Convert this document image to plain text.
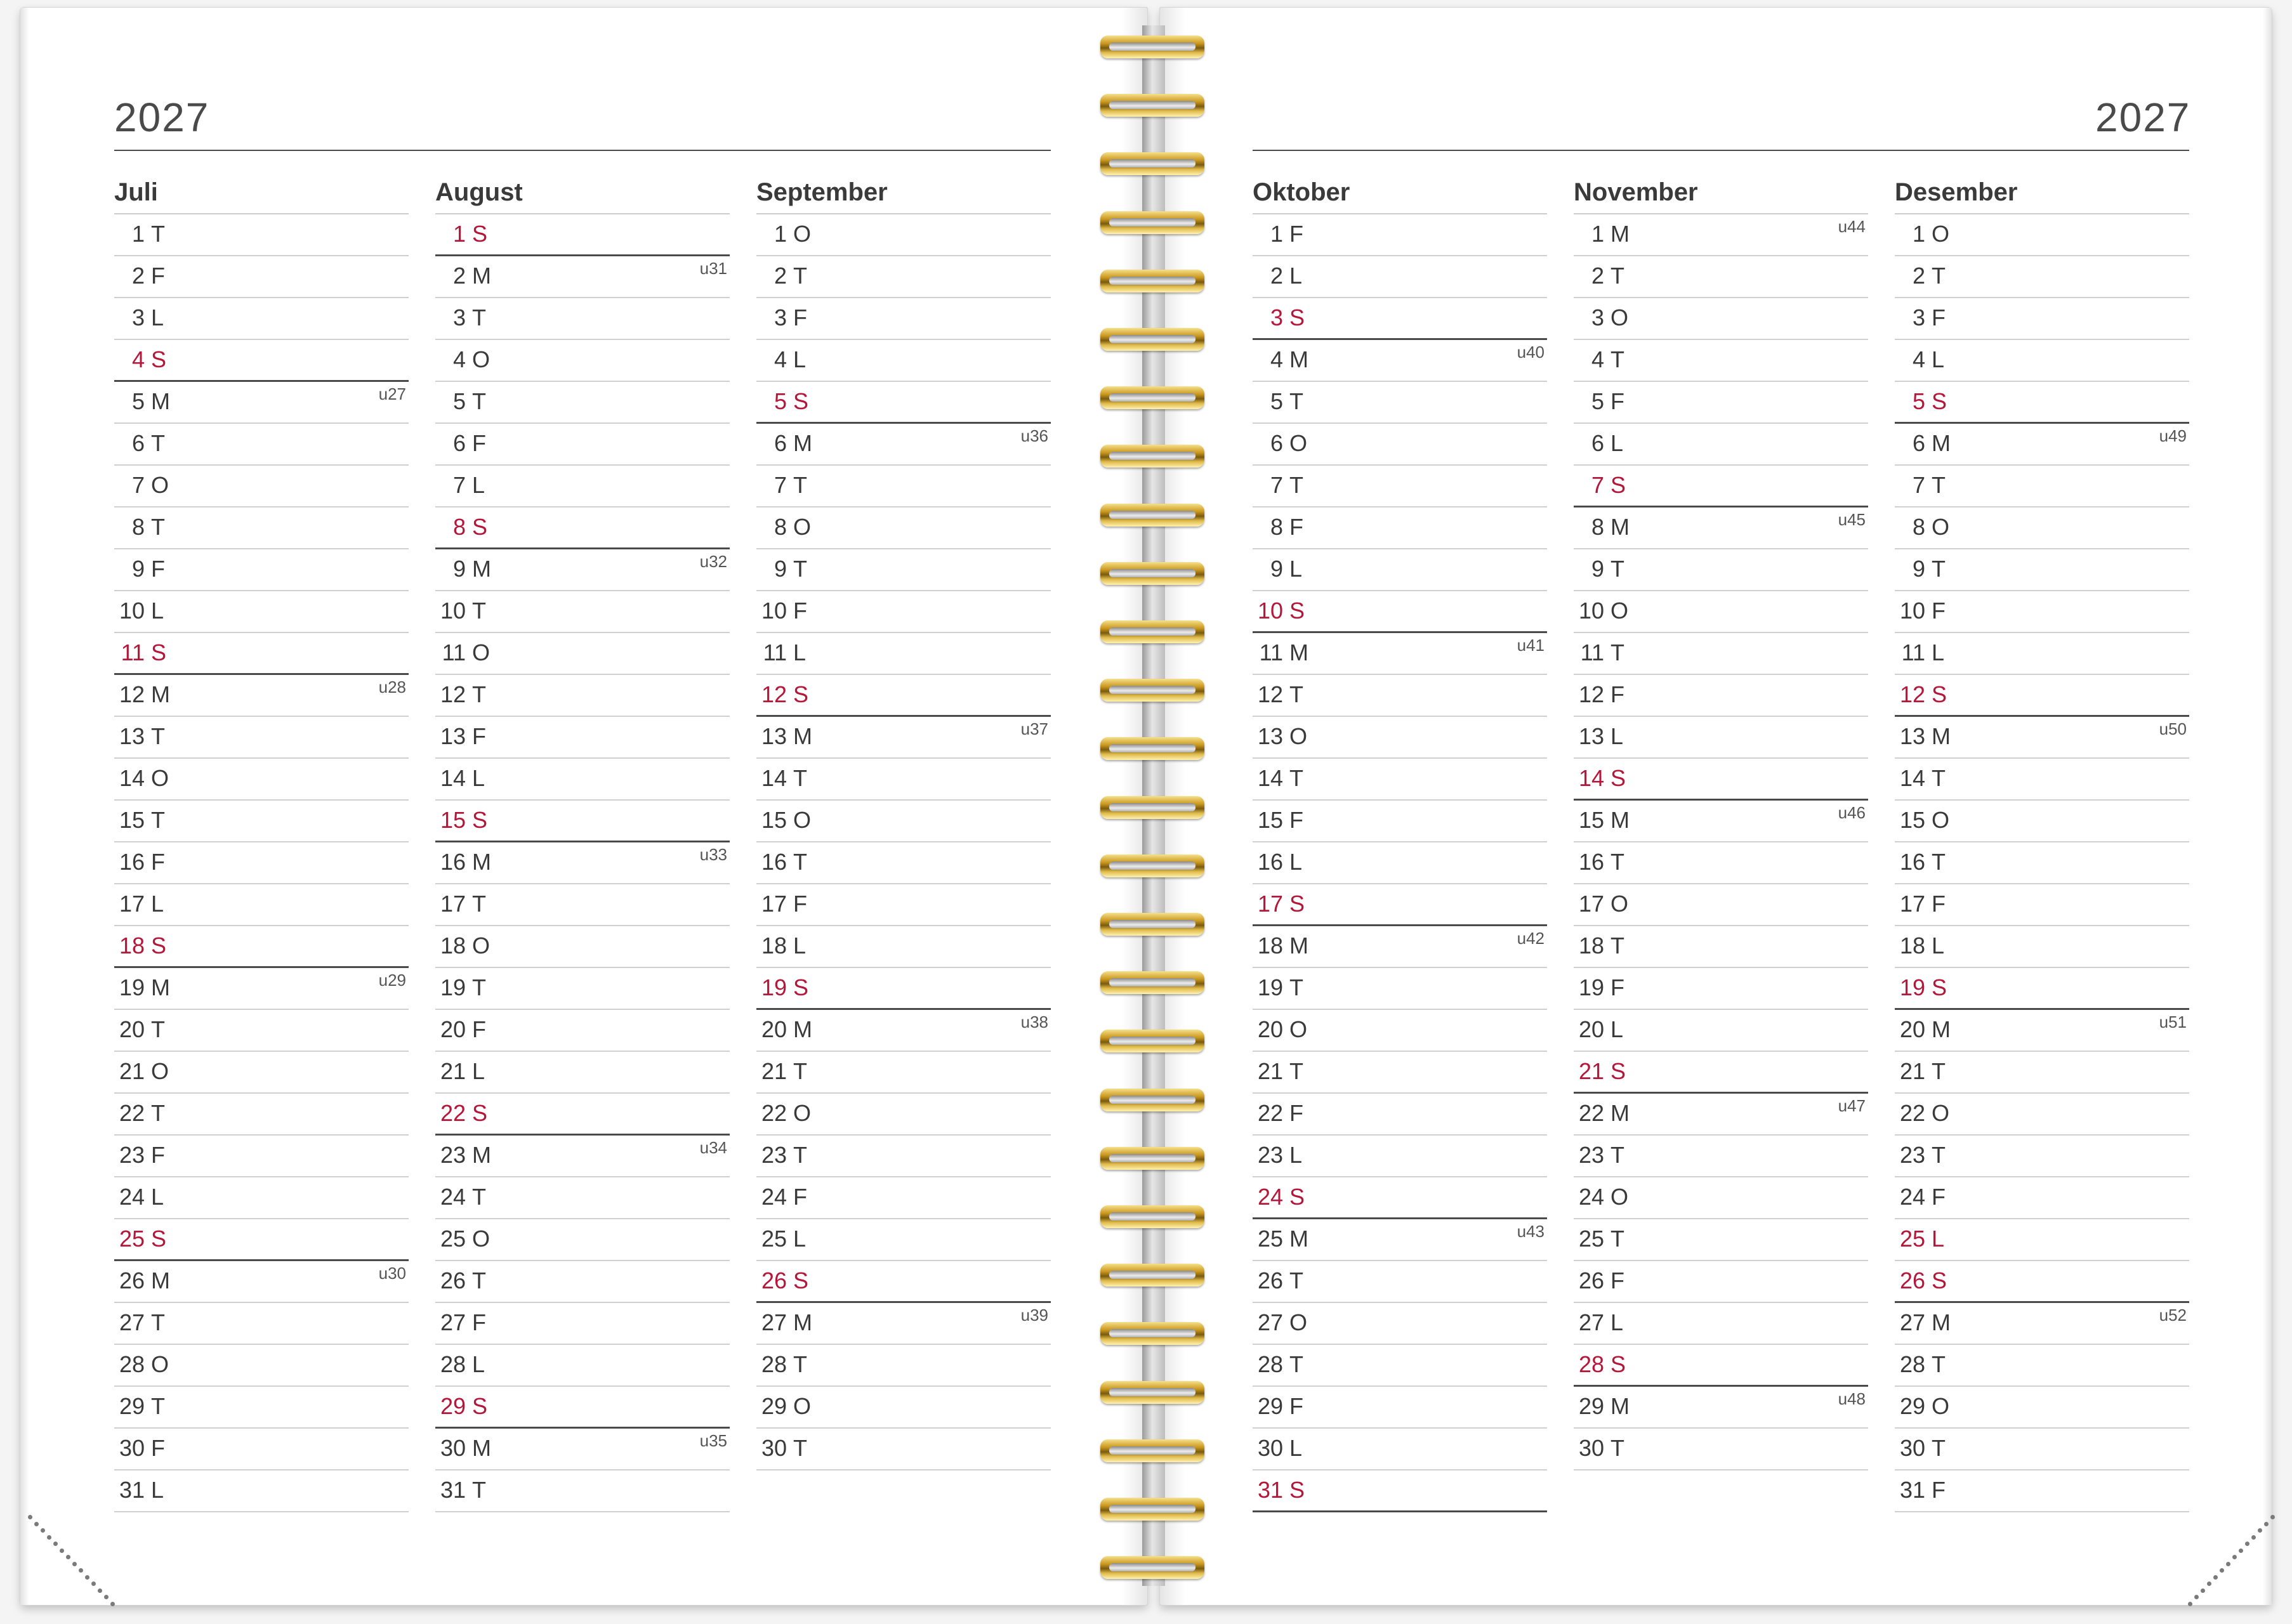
2027	2027
Juli
1 T
2 F
3 L
4 S
5 M	u27
6 T
7 O
8 T
9 F
10 L
11 S
12 M	u28
13 T
14 O
15 T
16 F
17 L
18 S
19 M	u29
20 T
21 O
22 T
23 F
24 L
25 S
26 M	u30
27 T
28 O
29 T
30 F
31 L
August
1 S
2 M	u31
3 T
4 O
5 T
6 F
7 L
8 S
9 M	u32
10 T
11 O
12 T
13 F
14 L
15 S
16 M	u33
17 T
18 O
19 T
20 F
21 L
22 S
23 M	u34
24 T
25 O
26 T
27 F
28 L
29 S
30 M	u35
31 T
September
1 O
2 T
3 F
4 L
5 S
6 M	u36
7 T
8 O
9 T
10 F
11 L
12 S
13 M	u37
14 T
15 O
16 T
17 F
18 L
19 S
20 M	u38
21 T
22 O
23 T
24 F
25 L
26 S
27 M	u39
28 T
29 O
30 T
Oktober
1 F
2 L
3 S
4 M	u40
5 T
6 O
7 T
8 F
9 L
10 S
11 M	u41
12 T
13 O
14 T
15 F
16 L
17 S
18 M	u42
19 T
20 O
21 T
22 F
23 L
24 S
25 M	u43
26 T
27 O
28 T
29 F
30 L
31 S
November
1 M	u44
2 T
3 O
4 T
5 F
6 L
7 S
8 M	u45
9 T
10 O
11 T
12 F
13 L
14 S
15 M	u46
16 T
17 O
18 T
19 F
20 L
21 S
22 M	u47
23 T
24 O
25 T
26 F
27 L
28 S
29 M	u48
30 T
Desember
1 O
2 T
3 F
4 L
5 S
6 M	u49
7 T
8 O
9 T
10 F
11 L
12 S
13 M	u50
14 T
15 O
16 T
17 F
18 L
19 S
20 M	u51
21 T
22 O
23 T
24 F
25 L
26 S
27 M	u52
28 T
29 O
30 T
31 F
